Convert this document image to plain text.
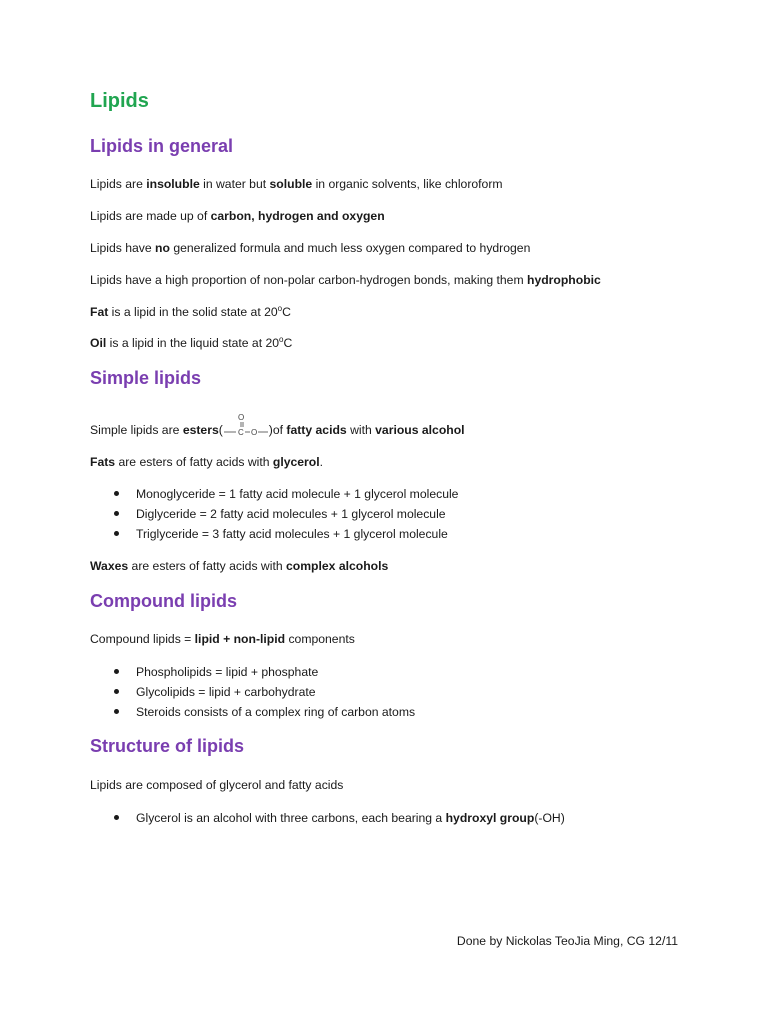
Lipids
Lipids in general
Lipids are insoluble in water but soluble in organic solvents, like chloroform
Lipids are made up of carbon, hydrogen and oxygen
Lipids have no generalized formula and much less oxygen compared to hydrogen
Lipids have a high proportion of non-polar carbon-hydrogen bonds, making them hydrophobic
Fat is a lipid in the solid state at 20$^o$C
Oil is a lipid in the liquid state at 20$^o$C
Simple lipids
Simple lipids are esters(
O
C O )of fatty acids with various alcohol
Fats are esters of fatty acids with glycerol.
Monoglyceride = 1 fatty acid molecule + 1 glycerol molecule
Diglyceride = 2 fatty acid molecules + 1 glycerol molecule
Triglyceride = 3 fatty acid molecules + 1 glycerol molecule
Waxes are esters of fatty acids with complex alcohols
Compound lipids
Compound lipids = lipid + non-lipid components
Phospholipids = lipid + phosphate
Glycolipids = lipid + carbohydrate
Steroids consists of a complex ring of carbon atoms
Structure of lipids
Lipids are composed of glycerol and fatty acids
Glycerol is an alcohol with three carbons, each bearing a hydroxyl group(-OH)
Done by Nickolas TeoJia Ming, CG 12/11
